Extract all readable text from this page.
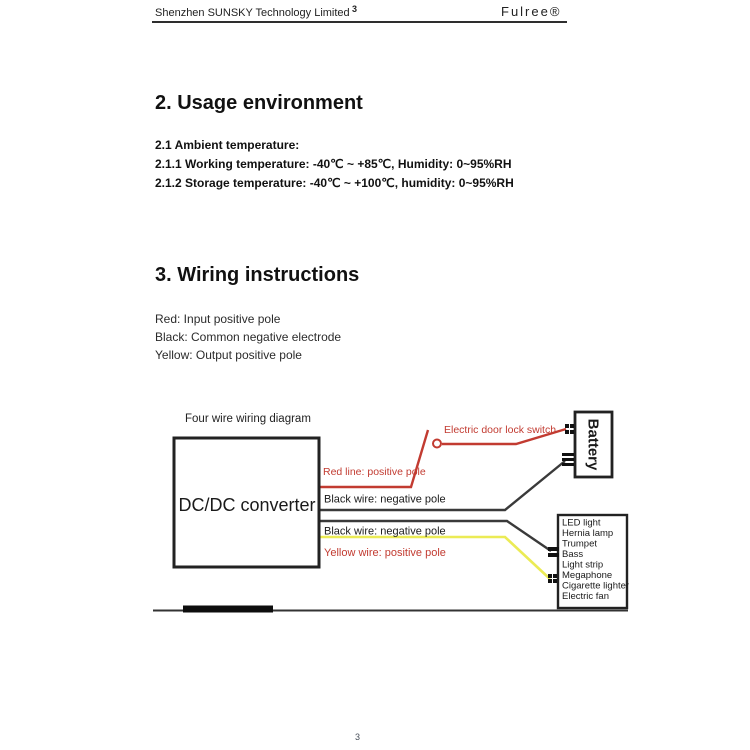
Shenzhen SUNSKY Technology Limited 3	Fulree®
2. Usage environment
2.1 Ambient temperature:
2.1.1 Working temperature: -40℃ ~ +85℃, Humidity: 0~95%RH
2.1.2 Storage temperature: -40℃ ~ +100℃, humidity: 0~95%RH
3. Wiring instructions
Red: Input positive pole
Black: Common negative electrode
Yellow: Output positive pole
DC/DC converter
Four wire wiring diagram	Battery
LED light
Hernia lamp
Trumpet
Bass
Light strip
Megaphone
Cigarette lighter
Electric fan
Red line: positive pole
Black wire: negative pole
Black wire: negative pole
Yellow wire: positive pole
Electric door lock switch
3
